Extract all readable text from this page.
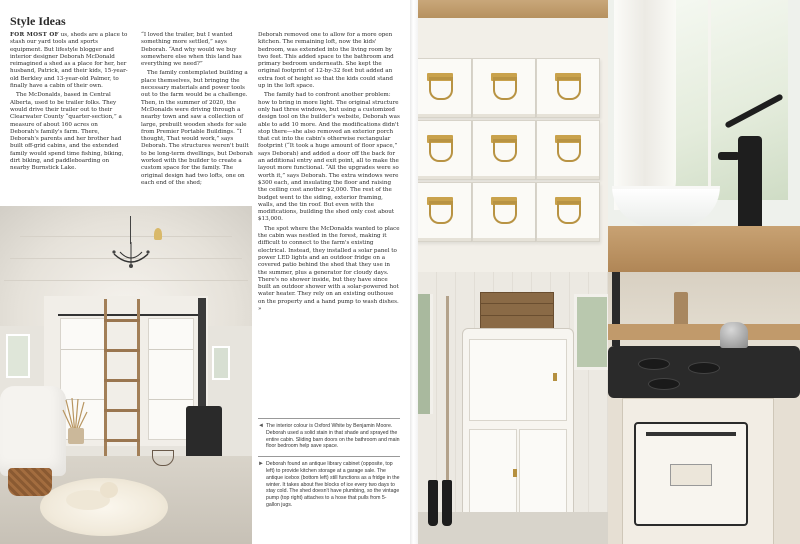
Style Ideas

FOR MOST OF us, sheds are a place to stash our yard tools and sports equipment. But lifestyle blogger and interior designer Deborah McDonald reimagined a shed as a place for her, her husband, Patrick, and their kids, 15-year-old Berkley and 13-year-old Palmer, to finally have a cabin of their own.

The McDonalds, based in Central Alberta, used to be trailer folks. They would drive their trailer out to their Clearwater County “quarter-section,” a measure of about 160 acres on Deborah's family's farm. There, Deborah's parents and her brother had built off-grid cabins, and the extended family would spend time fishing, biking, dirt biking, and paddleboarding on nearby Burnstick Lake.

“I loved the trailer, but I wanted something more settled,” says Deborah. “And why would we buy somewhere else when this land has everything we need?”

The family contemplated building a place themselves, but bringing the necessary materials and power tools out to the farm would be a challenge. Then, in the summer of 2020, the McDonalds were driving through a nearby town and saw a collection of large, prebuilt wooden sheds for sale from Premier Portable Buildings. “I thought, That would work,” says Deborah. The structures weren't built to be long-term dwellings, but Deborah worked with the builder to create a custom space for the family. The original design had two lofts, one on each end of the shed;

Deborah removed one to allow for a more open kitchen. The remaining loft, now the kids' bedroom, was extended into the living room by two feet. This added space to the bathroom and primary bedroom underneath. She kept the original footprint of 12-by-32 feet but added an extra foot of height so that the kids could stand up in the loft space.

The family had to confront another problem: how to bring in more light. The original structure only had three windows, but using a customized design tool on the builder's website, Deborah was able to add 10 more. And the modifications didn't stop there—she also removed an exterior porch that cut into the cabin's otherwise rectangular footprint (“It took a huge amount of floor space,” says Deborah) and added a door off the back for an additional entry and exit point, all to make the layout more functional. “All the upgrades were so worth it,” says Deborah. The extra windows were $300 each, and insulating the floor and raising the ceiling cost another $2,000. The rest of the budget went to the siding, exterior framing, walls, and the tin roof. But even with the modifications, building the shed only cost about $13,000.

The spot where the McDonalds wanted to place the cabin was nestled in the forest, making it difficult to connect to the farm's existing electrical. Instead, they installed a solar panel to power LED lights and an outdoor fridge on a covered patio behind the shed that they use in the summer, plus a generator for cloudy days. There's no shower inside, but they have since built an outdoor shower with a solar-powered hot water heater. They rely on an existing outhouse on the property and a hand pump to wash dishes. »

◄ The interior colour is Oxford White by Benjamin Moore. Deborah used a solid stain in that shade and sprayed the entire cabin. Sliding barn doors on the bathroom and main floor bedroom help save space.

► Deborah found an antique library cabinet (opposite, top left) to provide kitchen storage at a garage sale. The antique icebox (bottom left) still functions as a fridge in the winter. It takes about five blocks of ice every two days to stay cold. The shed doesn't have plumbing, so the vintage pump (top right) attaches to a hose that pulls from 5-gallon jugs.
